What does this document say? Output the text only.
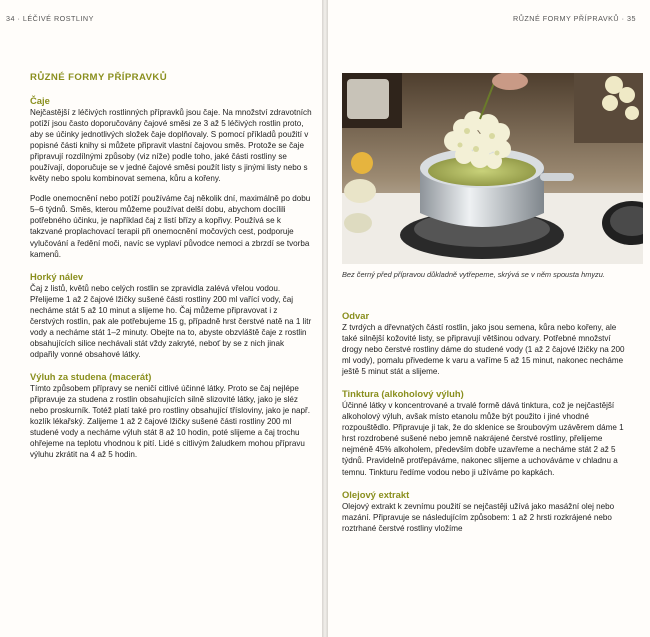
34 · LÉČIVÉ ROSTLINY
RŮZNÉ FORMY PŘÍPRAVKŮ
Čaje

Nejčastější z léčivých rostlinných přípravků jsou čaje. Na množství zdravotních potíží jsou často doporučovány čajové směsi ze 3 až 5 léčivých rostlin proto, aby se účinky jednotlivých složek čaje doplňovaly. S pomocí příkladů použití v popisné části knihy si můžete připravit vlastní čajovou směs. Protože se čaje připravují rozdílnými způsoby (viz níže) podle toho, jaké části rostliny se používají, doporučuje se v jedné čajové směsi použít listy s jinými listy nebo s květy nebo spolu kombinovat semena, kůru a kořeny.

Podle onemocnění nebo potíží používáme čaj několik dní, maximálně po dobu 5–6 týdnů. Směs, kterou můžeme používat delší dobu, abychom docílili potřebného účinku, je například čaj z listí břízy a kopřivy. Používá se k takzvané proplachovací terapii při onemocnění močových cest, podporuje vylučování a ředění moči, navíc se vyplaví původce nemoci a zbrzdí se tvorba kamenů.

Horký nálev

Čaj z listů, květů nebo celých rostlin se zpravidla zalévá vřelou vodou. Přelijeme 1 až 2 čajové lžičky sušené části rostliny 200 ml vařící vody, čaj necháme stát 5 až 10 minut a slijeme ho. Čaj můžeme připravovat i z čerstvých rostlin, pak ale potřebujeme 15 g, případně hrst čerstvé natě na 1 litr vody a necháme stát 1–2 minuty. Obejte na to, abyste obzvláště čaje z rostlin obsahujících silice nechávali stát vždy zakryté, neboť by se z nich jinak odpařily vonné obsahové látky.

Výluh za studena (macerát)

Tímto způsobem přípravy se neničí citlivé účinné látky. Proto se čaj nejlépe připravuje za studena z rostlin obsahujících silně slizovité látky, jako je sléz nebo proskurník. Totéž platí také pro rostliny obsahující třísloviny, jako je např. kozlík lékařský. Zalijeme 1 až 2 čajové lžičky sušené části rostliny 200 ml studené vody a necháme výluh stát 8 až 10 hodin, poté slijeme a čaj trochu ohřejeme na teplotu vhodnou k pití. Lidé s citlivým žaludkem mohou přípravu výluhu zkrátit na 4 až 5 hodin.

RŮZNÉ FORMY PŘÍPRAVKŮ · 35
Bez černý před přípravou důkladně vytřepeme, skrývá se v něm spousta hmyzu.
Odvar

Z tvrdých a dřevnatých částí rostlin, jako jsou semena, kůra nebo kořeny, ale také silnější kožovité listy, se připravují většinou odvary. Potřebné množství drogy nebo čerstvé rostliny dáme do studené vody (1 až 2 čajové lžičky na 200 ml vody), pomalu přivedeme k varu a vaříme 5 až 15 minut, nakonec necháme ještě 5 minut stát a slijeme.

Tinktura (alkoholový výluh)

Účinné látky v koncentrované a trvalé formě dává tinktura, což je nejčastější alkoholový výluh, avšak místo etanolu může být použito i jiné vhodné rozpouštědlo. Připravuje ji tak, že do sklenice se šroubovým uzávěrem dáme 1 hrst rozdrobené sušené nebo jemně nakrájené čerstvé rostliny, přelijeme nejméně 45% alkoholem, především dobře uzavřeme a necháme stát 2 až 5 týdnů. Pravidelně protřepáváme, nakonec slijeme a uchováváme v chladnu a temnu. Tinkturu ředíme vodou nebo ji užíváme po kapkách.

Olejový extrakt

Olejový extrakt k zevnímu použití se nejčastěji užívá jako masážní olej nebo mazání. Připravuje se následujícím způsobem: 1 až 2 hrsti rozkrájené nebo roztrhané čerstvé rostliny vložíme
